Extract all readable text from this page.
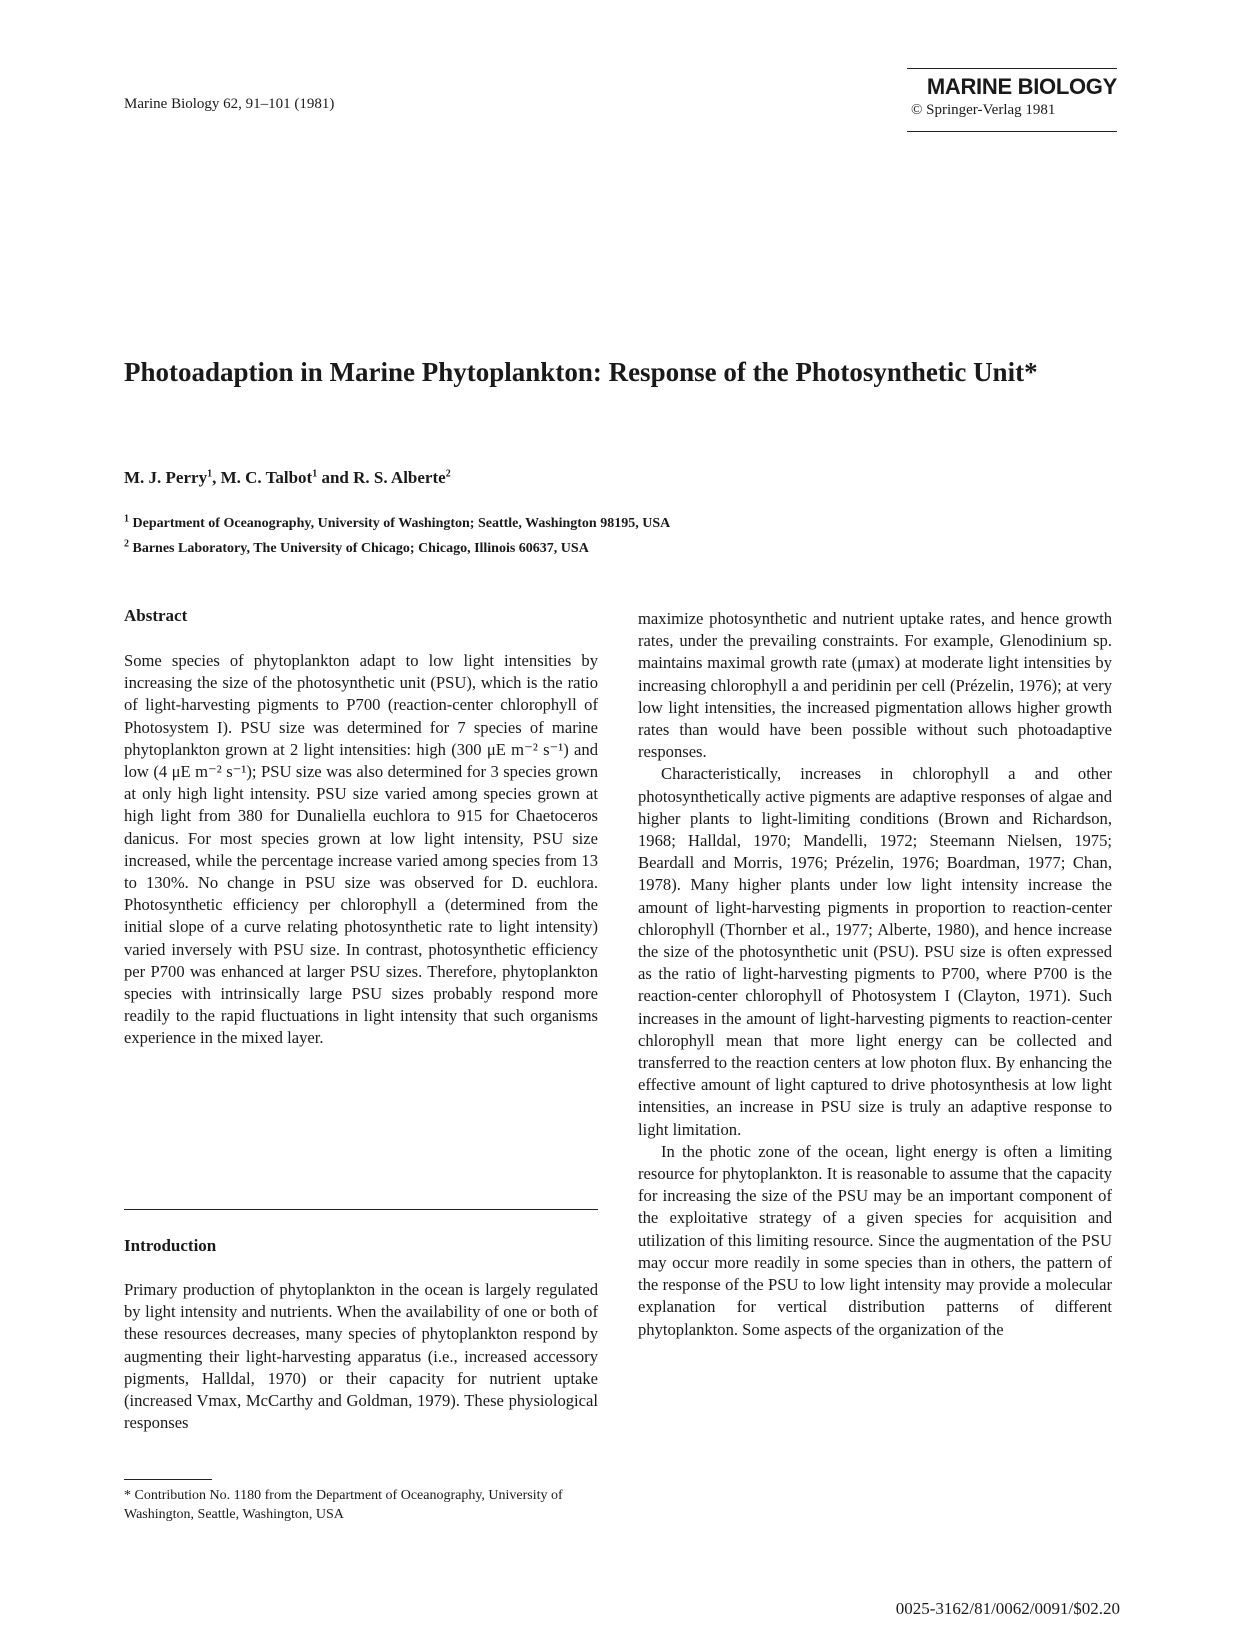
Marine Biology 62, 91–101 (1981)
MARINE BIOLOGY
© Springer-Verlag 1981
Photoadaption in Marine Phytoplankton: Response of the Photosynthetic Unit*
M. J. Perry$^1$, M. C. Talbot$^1$ and R. S. Alberte$^2$
$^1$ Department of Oceanography, University of Washington; Seattle, Washington 98195, USA
$^2$ Barnes Laboratory, The University of Chicago; Chicago, Illinois 60637, USA
Abstract
Some species of phytoplankton adapt to low light intensities by increasing the size of the photosynthetic unit (PSU), which is the ratio of light-harvesting pigments to P700 (reaction-center chlorophyll of Photosystem I). PSU size was determined for 7 species of marine phytoplankton grown at 2 light intensities: high (300 μE m⁻² s⁻¹) and low (4 μE m⁻² s⁻¹); PSU size was also determined for 3 species grown at only high light intensity. PSU size varied among species grown at high light from 380 for Dunaliella euchlora to 915 for Chaetoceros danicus. For most species grown at low light intensity, PSU size increased, while the percentage increase varied among species from 13 to 130%. No change in PSU size was observed for D. euchlora. Photosynthetic efficiency per chlorophyll a (determined from the initial slope of a curve relating photosynthetic rate to light intensity) varied inversely with PSU size. In contrast, photosynthetic efficiency per P700 was enhanced at larger PSU sizes. Therefore, phytoplankton species with intrinsically large PSU sizes probably respond more readily to the rapid fluctuations in light intensity that such organisms experience in the mixed layer.
Introduction
Primary production of phytoplankton in the ocean is largely regulated by light intensity and nutrients. When the availability of one or both of these resources decreases, many species of phytoplankton respond by augmenting their light-harvesting apparatus (i.e., increased accessory pigments, Halldal, 1970) or their capacity for nutrient uptake (increased Vmax, McCarthy and Goldman, 1979). These physiological responses

maximize photosynthetic and nutrient uptake rates, and hence growth rates, under the prevailing constraints. For example, Glenodinium sp. maintains maximal growth rate (μmax) at moderate light intensities by increasing chlorophyll a and peridinin per cell (Prézelin, 1976); at very low light intensities, the increased pigmentation allows higher growth rates than would have been possible without such photoadaptive responses.

Characteristically, increases in chlorophyll a and other photosynthetically active pigments are adaptive responses of algae and higher plants to light-limiting conditions (Brown and Richardson, 1968; Halldal, 1970; Mandelli, 1972; Steemann Nielsen, 1975; Beardall and Morris, 1976; Prézelin, 1976; Boardman, 1977; Chan, 1978). Many higher plants under low light intensity increase the amount of light-harvesting pigments in proportion to reaction-center chlorophyll (Thornber et al., 1977; Alberte, 1980), and hence increase the size of the photosynthetic unit (PSU). PSU size is often expressed as the ratio of light-harvesting pigments to P700, where P700 is the reaction-center chlorophyll of Photosystem I (Clayton, 1971). Such increases in the amount of light-harvesting pigments to reaction-center chlorophyll mean that more light energy can be collected and transferred to the reaction centers at low photon flux. By enhancing the effective amount of light captured to drive photosynthesis at low light intensities, an increase in PSU size is truly an adaptive response to light limitation.

In the photic zone of the ocean, light energy is often a limiting resource for phytoplankton. It is reasonable to assume that the capacity for increasing the size of the PSU may be an important component of the exploitative strategy of a given species for acquisition and utilization of this limiting resource. Since the augmentation of the PSU may occur more readily in some species than in others, the pattern of the response of the PSU to low light intensity may provide a molecular explanation for vertical distribution patterns of different phytoplankton. Some aspects of the organization of the

* Contribution No. 1180 from the Department of Oceanography, University of Washington, Seattle, Washington, USA
0025-3162/81/0062/0091/$02.20
